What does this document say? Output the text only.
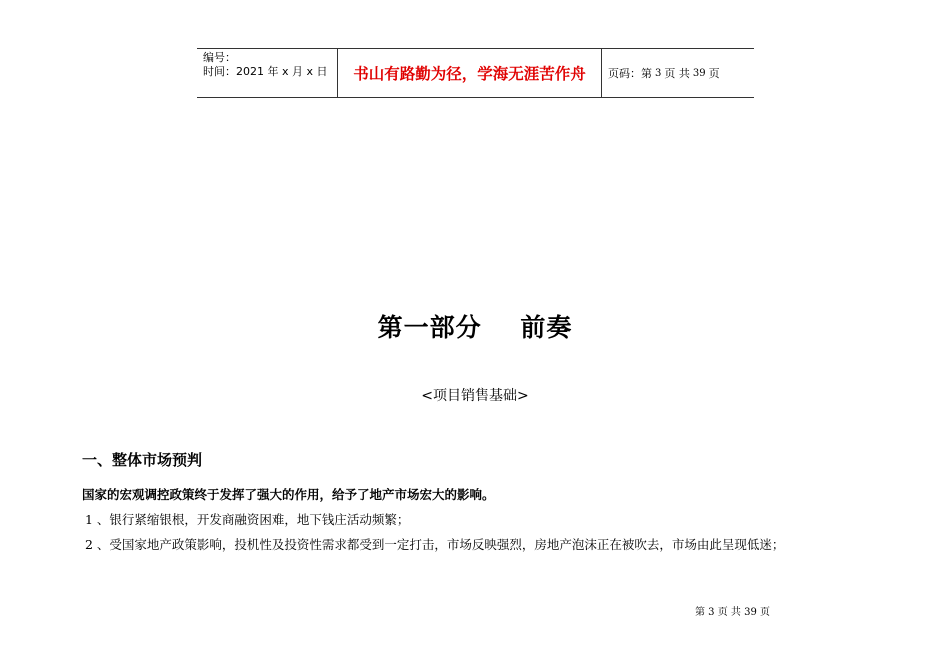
编号：
时间：2021 年 x 月 x 日	书山有路勤为径，学海无涯苦作舟	页码：第 3 页 共 39 页
第一部分    前奏
<项目销售基础>
一、整体市场预判
国家的宏观调控政策终于发挥了强大的作用，给予了地产市场宏大的影响。
1 、银行紧缩银根，开发商融资困难，地下钱庄活动频繁；
2 、受国家地产政策影响，投机性及投资性需求都受到一定打击，市场反映强烈，房地产泡沫正在被吹去，市场由此呈现低迷；
第 3 页 共 39 页
